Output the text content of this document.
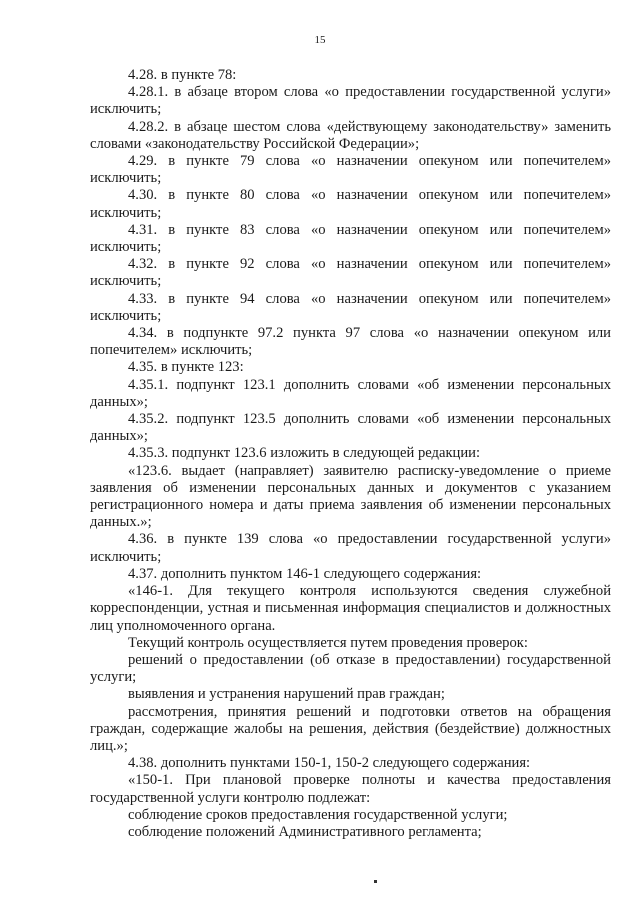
15

4.28. в пункте 78:

4.28.1. в абзаце втором слова «о предоставлении государственной услуги» исключить;

4.28.2. в абзаце шестом слова «действующему законодательству» заменить словами «законодательству Российской Федерации»;

4.29. в пункте 79 слова «о назначении опекуном или попечителем» исключить;

4.30. в пункте 80 слова «о назначении опекуном или попечителем» исключить;

4.31. в пункте 83 слова «о назначении опекуном или попечителем» исключить;

4.32. в пункте 92 слова «о назначении опекуном или попечителем» исключить;

4.33. в пункте 94 слова «о назначении опекуном или попечителем» исключить;

4.34. в подпункте 97.2 пункта 97 слова «о назначении опекуном или попечителем» исключить;

4.35. в пункте 123:

4.35.1. подпункт 123.1 дополнить словами «об изменении персональных данных»;

4.35.2. подпункт 123.5 дополнить словами «об изменении персональных данных»;

4.35.3. подпункт 123.6 изложить в следующей редакции:

«123.6. выдает (направляет) заявителю расписку-уведомление о приеме заявления об изменении персональных данных и документов с указанием регистрационного номера и даты приема заявления об изменении персональных данных.»;

4.36. в пункте 139 слова «о предоставлении государственной услуги» исключить;

4.37. дополнить пунктом 146-1 следующего содержания:

«146-1. Для текущего контроля используются сведения служебной корреспонденции, устная и письменная информация специалистов и должностных лиц уполномоченного органа.

Текущий контроль осуществляется путем проведения проверок:

решений о предоставлении (об отказе в предоставлении) государственной услуги;

выявления и устранения нарушений прав граждан;

рассмотрения, принятия решений и подготовки ответов на обращения граждан, содержащие жалобы на решения, действия (бездействие) должностных лиц.»;

4.38. дополнить пунктами 150-1, 150-2 следующего содержания:

«150-1. При плановой проверке полноты и качества предоставления государственной услуги контролю подлежат:

соблюдение сроков предоставления государственной услуги;

соблюдение положений Административного регламента;
